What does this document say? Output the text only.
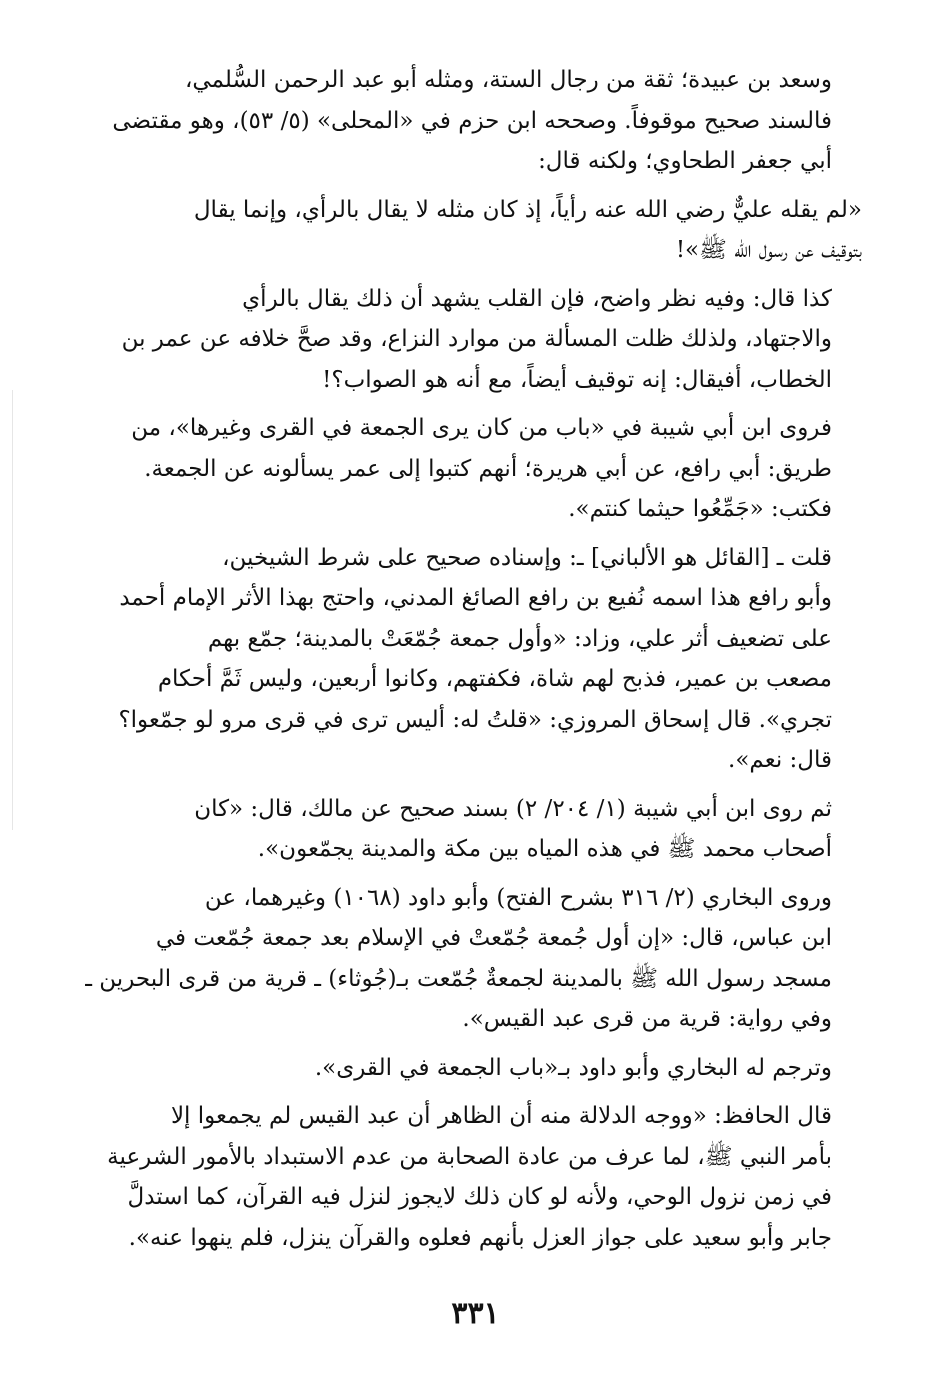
وسعد بن عبيدة؛ ثقة من رجال الستة، ومثله أبو عبد الرحمن السُّلمي،
فالسند صحيح موقوفاً. وصححه ابن حزم في «المحلى» (٥/ ٥٣)، وهو مقتضى
أبي جعفر الطحاوي؛ ولكنه قال:

«لم يقله عليٌّ رضي الله عنه رأياً، إذ كان مثله لا يقال بالرأي، وإنما يقال
بتوقيف عن رسول الله ﷺ»!

كذا قال: وفيه نظر واضح، فإن القلب يشهد أن ذلك يقال بالرأي
والاجتهاد، ولذلك ظلت المسألة من موارد النزاع، وقد صحَّ خلافه عن عمر بن
الخطاب، أفيقال: إنه توقيف أيضاً، مع أنه هو الصواب؟!

فروى ابن أبي شيبة في «باب من كان يرى الجمعة في القرى وغيرها»، من
طريق: أبي رافع، عن أبي هريرة؛ أنهم كتبوا إلى عمر يسألونه عن الجمعة.
فكتب: «جَمِّعُوا حيثما كنتم».

قلت ـ [القائل هو الألباني] ـ: وإسناده صحيح على شرط الشيخين،
وأبو رافع هذا اسمه نُفيع بن رافع الصائغ المدني، واحتج بهذا الأثر الإمام أحمد
على تضعيف أثر علي، وزاد: «وأول جمعة جُمّعَتْ بالمدينة؛ جمّع بهم
مصعب بن عمير، فذبح لهم شاة، فكفتهم، وكانوا أربعين، وليس ثَمَّ أحكام
تجري». قال إسحاق المروزي: «قلتُ له: أليس ترى في قرى مرو لو جمّعوا؟
قال: نعم».

ثم روى ابن أبي شيبة (١/ ٢٠٤/ ٢) بسند صحيح عن مالك، قال: «كان
أصحاب محمد ﷺ في هذه المياه بين مكة والمدينة يجمّعون».

وروى البخاري (٢/ ٣١٦ بشرح الفتح) وأبو داود (١٠٦٨) وغيرهما، عن
ابن عباس، قال: «إن أول جُمعة جُمّعتْ في الإسلام بعد جمعة جُمّعت في
مسجد رسول الله ﷺ بالمدينة لجمعةٌ جُمّعت بـ(جُوثاء) ـ قرية من قرى البحرين ـ
وفي رواية: قرية من قرى عبد القيس».

وترجم له البخاري وأبو داود بـ«باب الجمعة في القرى».

قال الحافظ: «ووجه الدلالة منه أن الظاهر أن عبد القيس لم يجمعوا إلا
بأمر النبي ﷺ، لما عرف من عادة الصحابة من عدم الاستبداد بالأمور الشرعية
في زمن نزول الوحي، ولأنه لو كان ذلك لايجوز لنزل فيه القرآن، كما استدلَّ
جابر وأبو سعيد على جواز العزل بأنهم فعلوه والقرآن ينزل، فلم ينهوا عنه».

٣٣١
